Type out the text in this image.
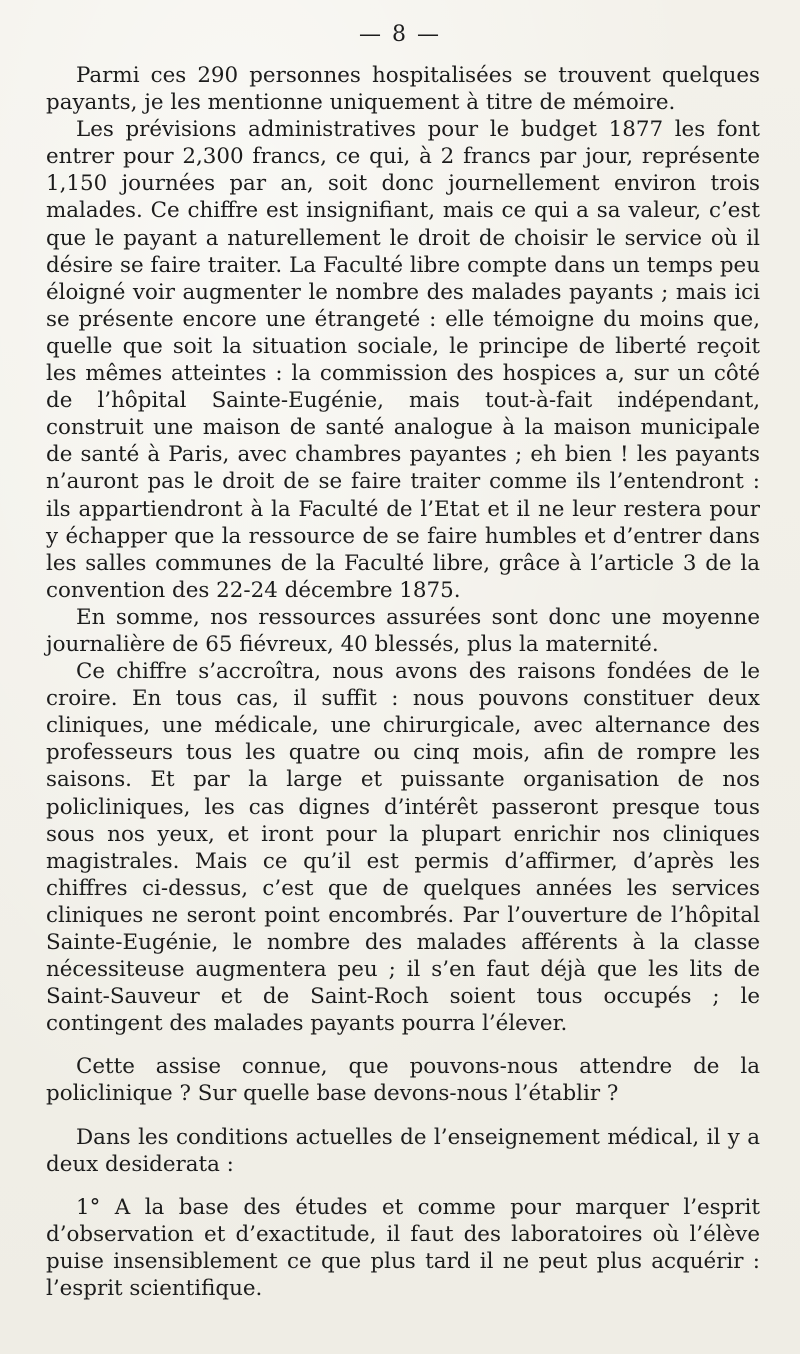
— 8 —

Parmi ces 290 personnes hospitalisées se trouvent quelques payants, je les mentionne uniquement à titre de mémoire.

Les prévisions administratives pour le budget 1877 les font entrer pour 2,300 francs, ce qui, à 2 francs par jour, représente 1,150 journées par an, soit donc journellement environ trois malades. Ce chiffre est insignifiant, mais ce qui a sa valeur, c’est que le payant a naturellement le droit de choisir le service où il désire se faire traiter. La Faculté libre compte dans un temps peu éloigné voir augmenter le nombre des malades payants ; mais ici se présente encore une étrangeté : elle témoigne du moins que, quelle que soit la situation sociale, le principe de liberté reçoit les mêmes atteintes : la commission des hospices a, sur un côté de l’hôpital Sainte-Eugénie, mais tout-à-fait indépendant, construit une maison de santé analogue à la maison municipale de santé à Paris, avec chambres payantes ; eh bien ! les payants n’auront pas le droit de se faire traiter comme ils l’entendront : ils appartiendront à la Faculté de l’Etat et il ne leur restera pour y échapper que la ressource de se faire humbles et d’entrer dans les salles communes de la Faculté libre, grâce à l’article 3 de la convention des 22-24 décembre 1875.

En somme, nos ressources assurées sont donc une moyenne journalière de 65 fiévreux, 40 blessés, plus la maternité.

Ce chiffre s’accroîtra, nous avons des raisons fondées de le croire. En tous cas, il suffit : nous pouvons constituer deux cliniques, une médicale, une chirurgicale, avec alternance des professeurs tous les quatre ou cinq mois, afin de rompre les saisons. Et par la large et puissante organisation de nos policliniques, les cas dignes d’intérêt passeront presque tous sous nos yeux, et iront pour la plupart enrichir nos cliniques magistrales. Mais ce qu’il est permis d’affirmer, d’après les chiffres ci-dessus, c’est que de quelques années les services cliniques ne seront point encombrés. Par l’ouverture de l’hôpital Sainte-Eugénie, le nombre des malades afférents à la classe nécessiteuse augmentera peu ; il s’en faut déjà que les lits de Saint-Sauveur et de Saint-Roch soient tous occupés ; le contingent des malades payants pourra l’élever.

Cette assise connue, que pouvons-nous attendre de la policlinique ? Sur quelle base devons-nous l’établir ?

Dans les conditions actuelles de l’enseignement médical, il y a deux desiderata :

1° A la base des études et comme pour marquer l’esprit d’observation et d’exactitude, il faut des laboratoires où l’élève puise insensiblement ce que plus tard il ne peut plus acquérir : l’esprit scientifique.
